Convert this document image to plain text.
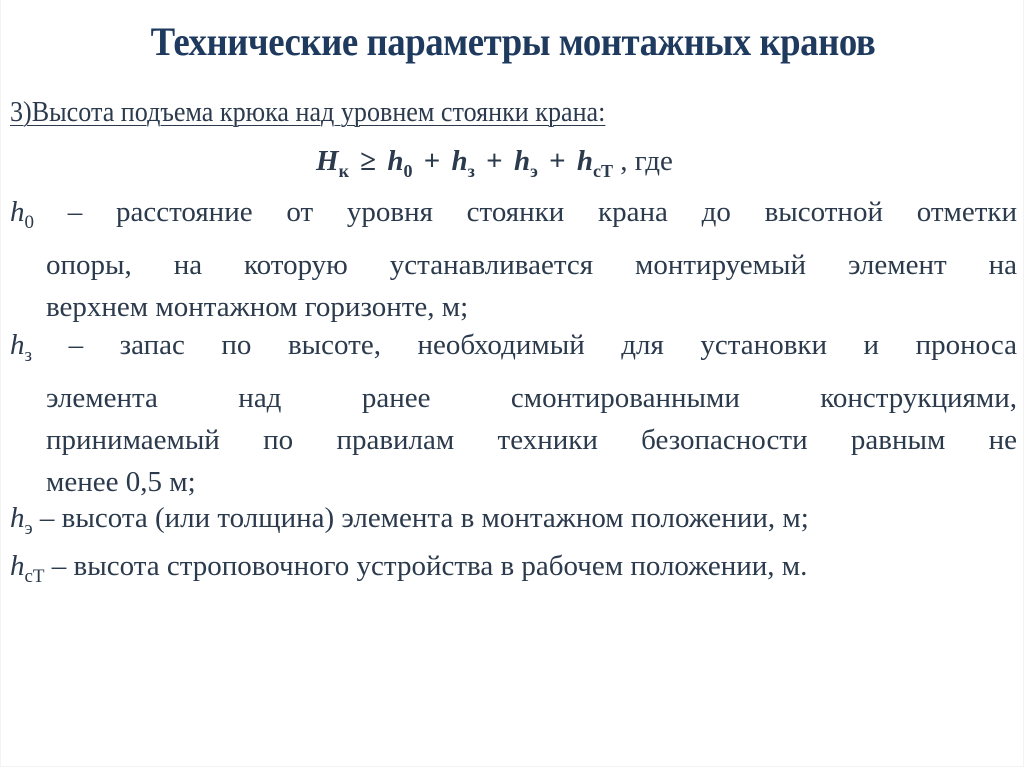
Технические параметры монтажных кранов
3)Высота подъема крюка над уровнем стоянки крана:
$H_к \ge h_0 + h_з + h_э + h_{сТ}$ , где
$h_0$ – расстояние от уровня стоянки крана до высотной отметки
опоры, на которую устанавливается монтируемый элемент на
верхнем монтажном горизонте, м;
$h_з$ – запас по высоте, необходимый для установки и проноса
элемента над ранее смонтированными конструкциями,
принимаемый по правилам техники безопасности равным не
менее 0,5 м;
$h_э$ – высота (или толщина) элемента в монтажном положении, м;
$h_{сТ}$ – высота строповочного устройства в рабочем положении, м.
